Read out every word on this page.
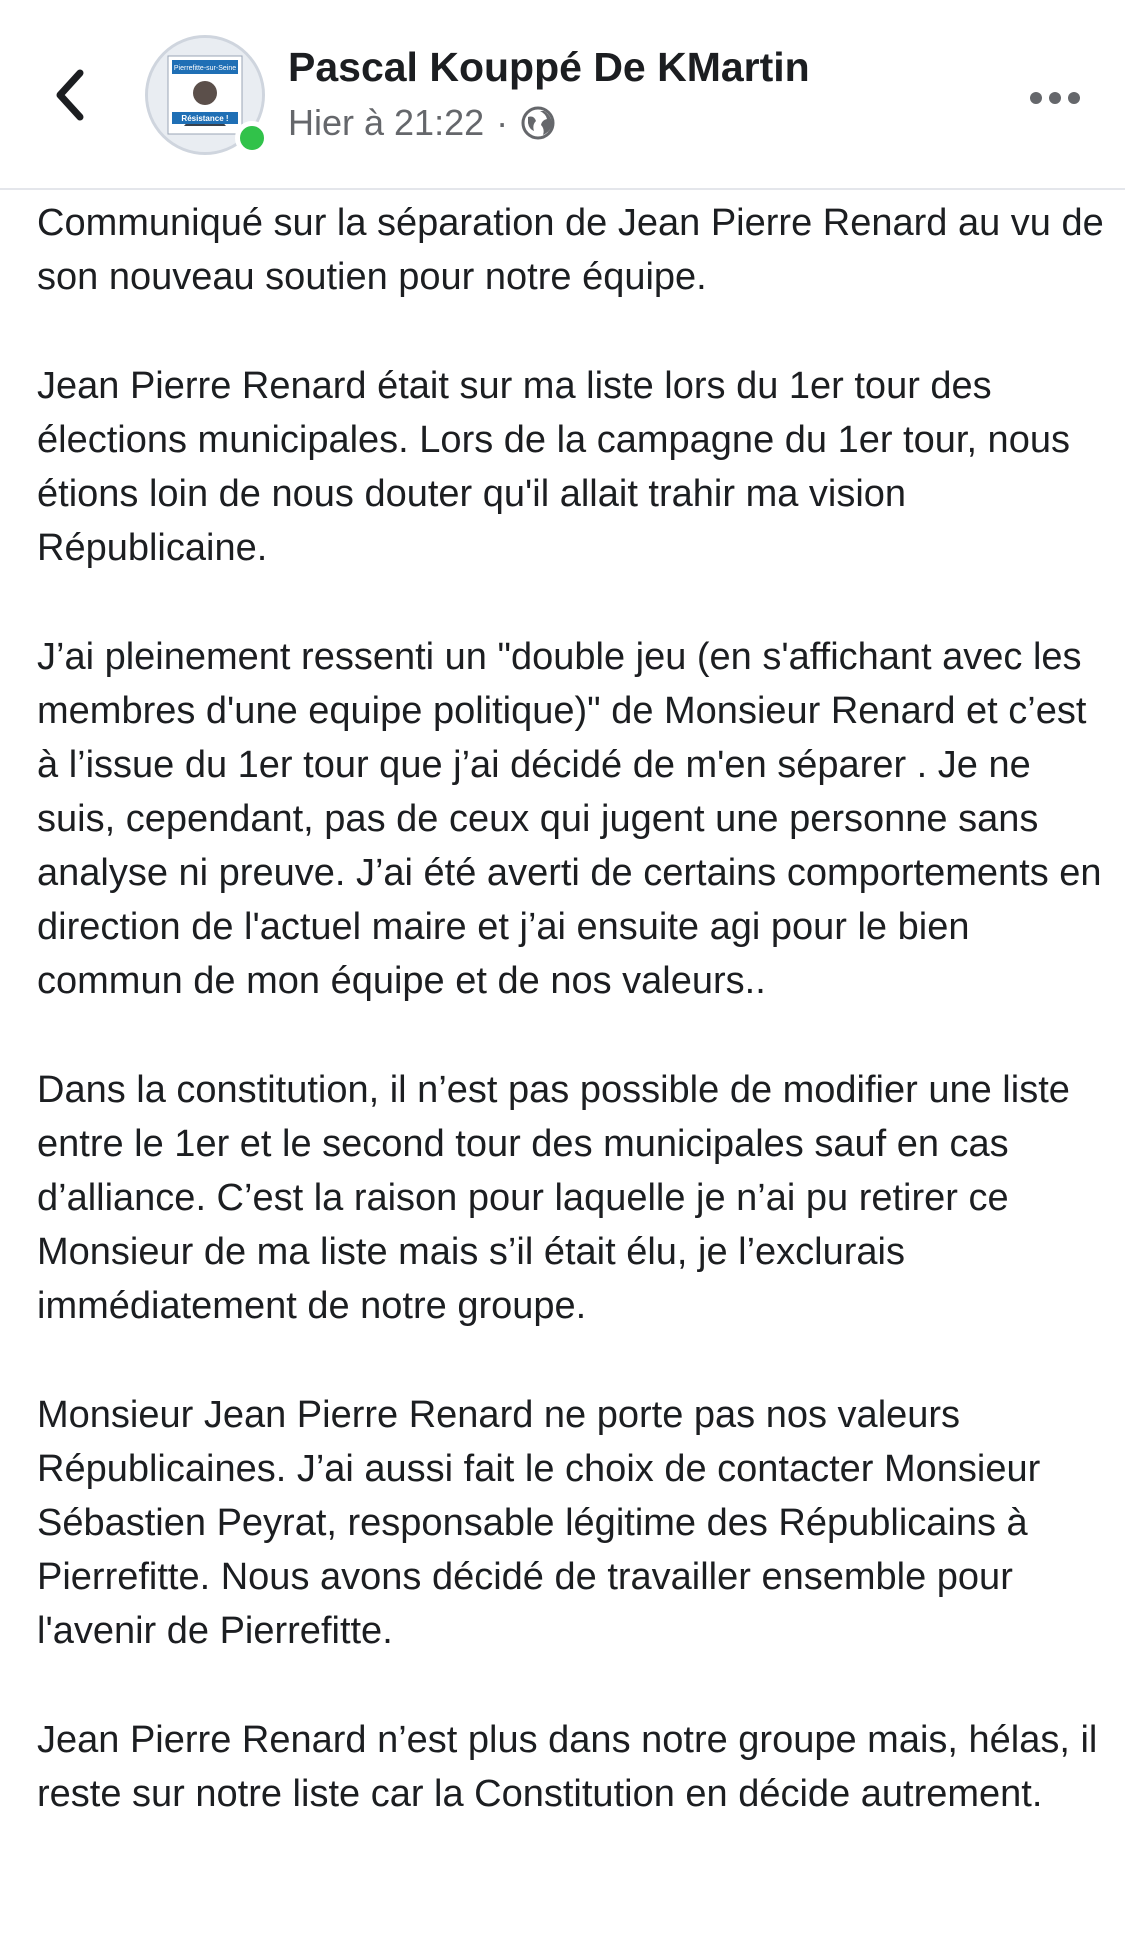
Pierrefitte-sur-Seine
Résistance !
Pascal Kouppé De KMartin
Hier à 21:22 ·

Communiqué sur la séparation de Jean Pierre Renard au vu de son nouveau soutien pour notre équipe.

Jean Pierre Renard était sur ma liste lors du 1er tour des élections municipales. Lors de la campagne du 1er tour, nous étions loin de nous douter qu'il allait trahir ma vision Républicaine.

J’ai pleinement ressenti un "double jeu (en s'affichant avec les membres d'une equipe politique)" de Monsieur Renard et c’est à l’issue du 1er tour que j’ai décidé de m'en séparer . Je ne suis, cependant, pas de ceux qui jugent une personne sans analyse ni preuve. J’ai été averti de certains comportements en direction de l'actuel maire et j’ai ensuite agi pour le bien commun de mon équipe et de nos valeurs..

Dans la constitution, il n’est pas possible de modifier une liste entre le 1er et le second tour des municipales sauf en cas d’alliance. C’est la raison pour laquelle je n’ai pu retirer ce Monsieur de ma liste mais s’il était élu, je l’exclurais immédiatement de notre groupe.

Monsieur Jean Pierre Renard ne porte pas nos valeurs Républicaines. J’ai aussi fait le choix de contacter Monsieur Sébastien Peyrat, responsable légitime des Républicains à Pierrefitte. Nous avons décidé de travailler ensemble pour l'avenir de Pierrefitte.

Jean Pierre Renard n’est plus dans notre groupe mais, hélas, il reste sur notre liste car la Constitution en décide autrement.
